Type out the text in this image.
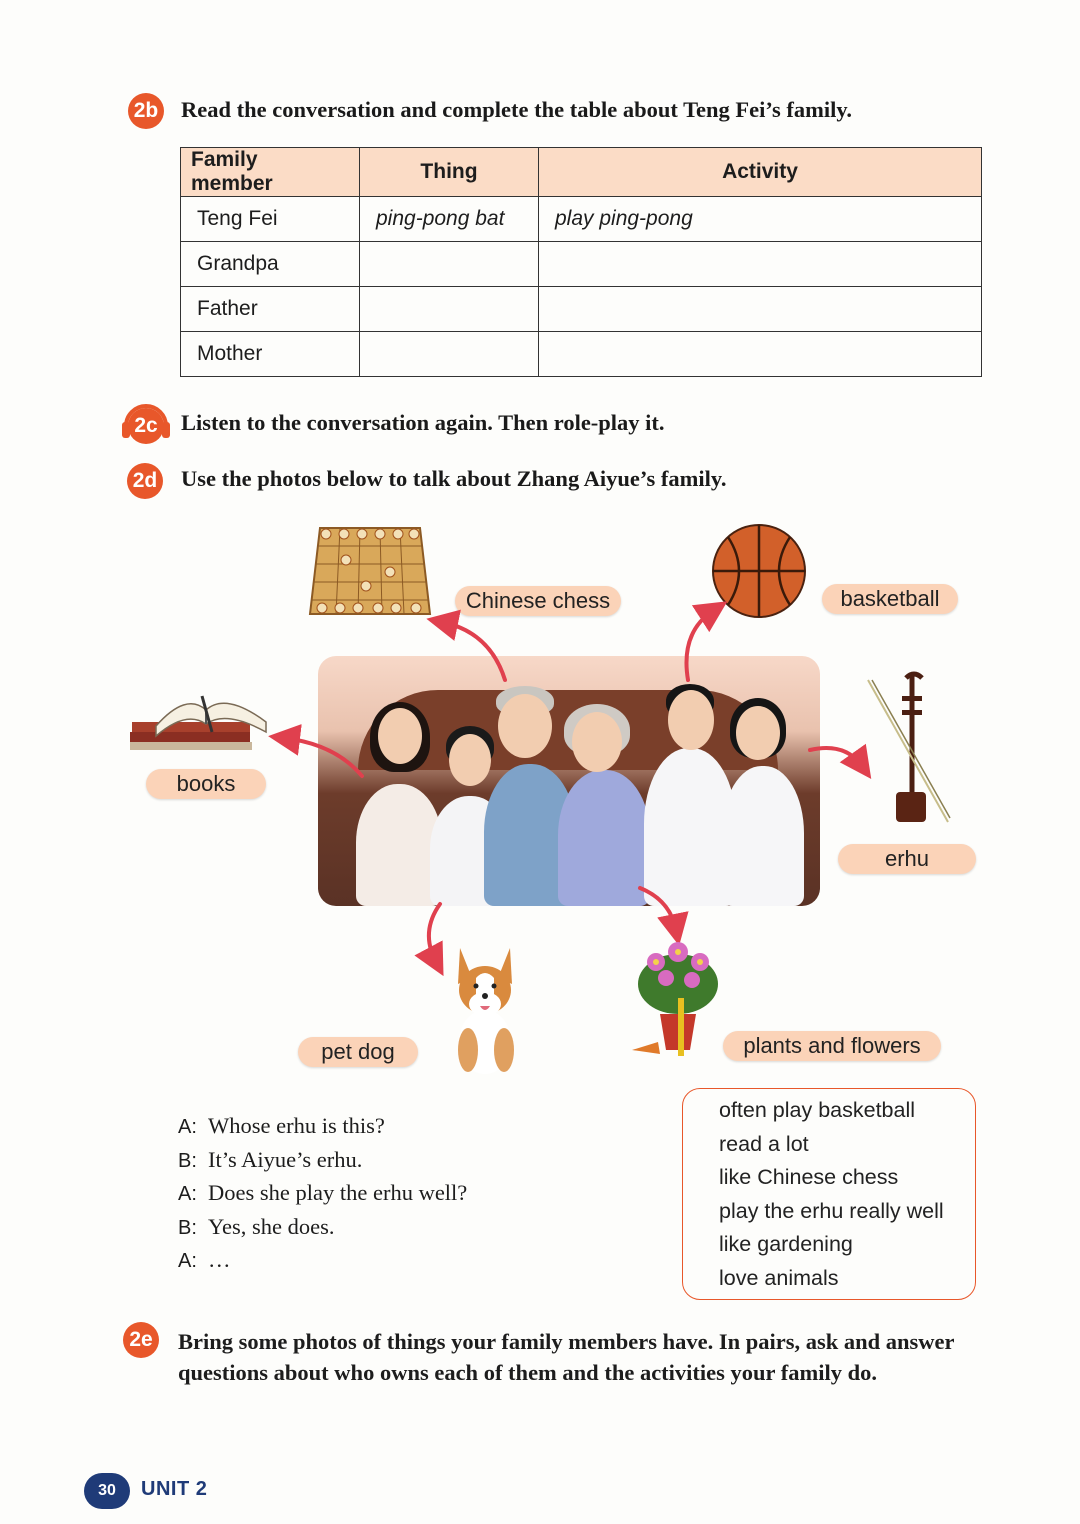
2b Read the conversation and complete the table about Teng Fei’s family.
Family member	Thing	Activity
Teng Fei	ping-pong bat	play ping-pong
Grandpa		
Father		
Mother		
2c Listen to the conversation again. Then role-play it.
2d Use the photos below to talk about Zhang Aiyue’s family.
Chinese chess	basketball
books
erhu
pet dog	plants and flowers
A: Whose erhu is this?
B: It’s Aiyue’s erhu.
A: Does she play the erhu well?
B: Yes, she does.
A: …
often play basketball
read a lot
like Chinese chess
play the erhu really well
like gardening
love animals
2e Bring some photos of things your family members have. In pairs, ask and answer questions about who owns each of them and the activities your family do.
30	UNIT 2
